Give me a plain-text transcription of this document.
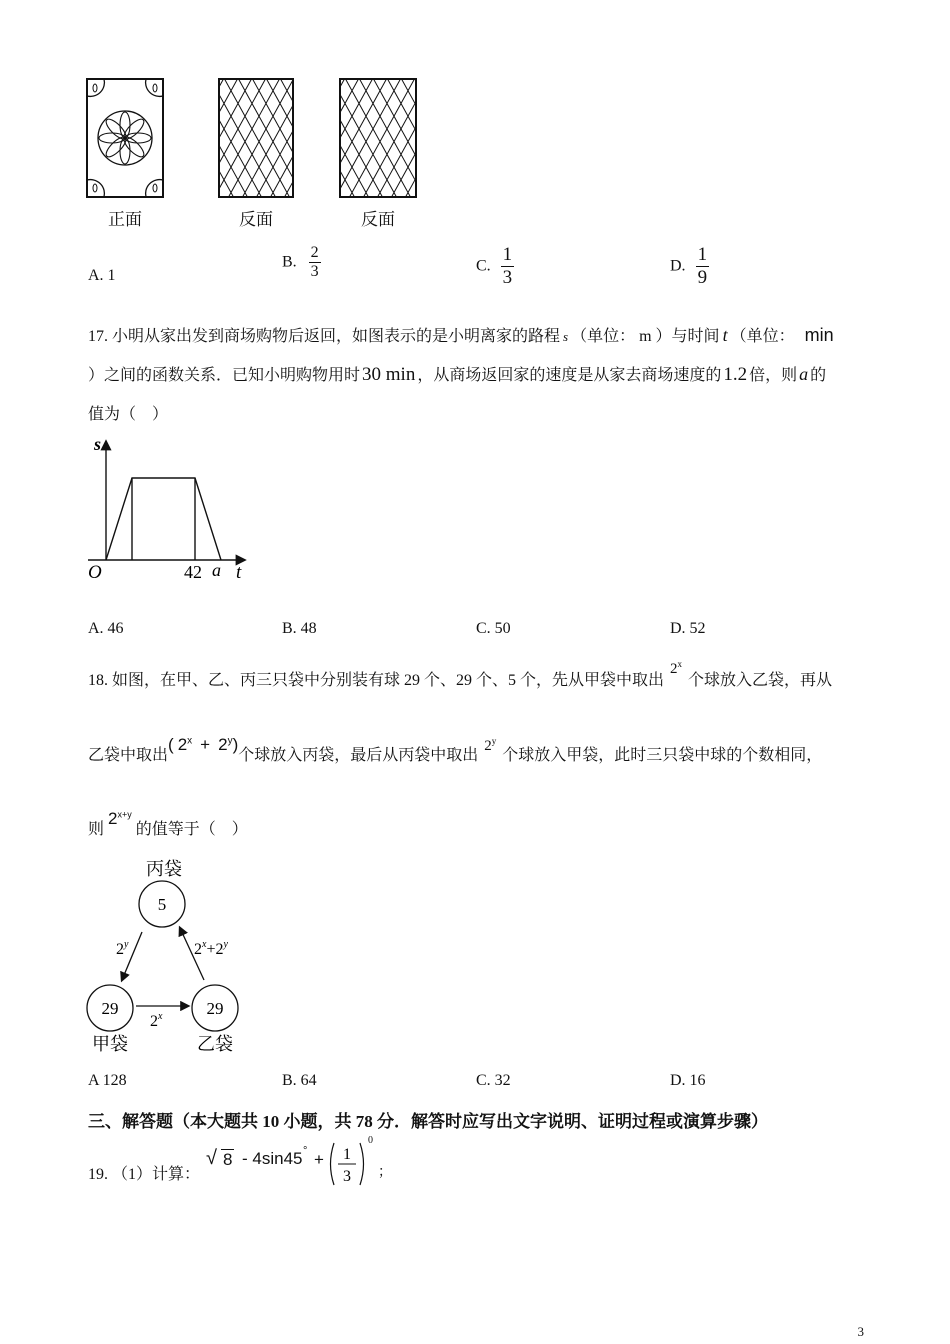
正面	反面	反面
A. 1
B. $\frac{2}{3}$	C. $\frac{1}{3}$	D. $\frac{1}{9}$
17. 小明从家出发到商场购物后返回，如图表示的是小明离家的路程 s （单位： m ）与时间 t （单位： min
）之间的函数关系．已知小明购物用时 30 min ，从商场返回家的速度是从家去商场速度的 1.2 倍，则 a 的
值为（　）
s
O	42 a t
A. 46	B. 48	C. 50	D. 52
18. 如图，在甲、乙、丙三只袋中分别装有球 29 个、29 个、5 个，先从甲袋中取出2$^x$个球放入乙袋，再从
乙袋中取出( $2^x + 2^y$)个球放入丙袋，最后从丙袋中取出2$^y$个球放入甲袋，此时三只袋中球的个数相同，
则$2^{x+y}$的值等于（　）
丙袋
5
29
甲袋
29
乙袋
2$^y$	$2^x+2^y$
2$^x$
A 128	B. 64	C. 32	D. 16
三、解答题（本大题共 10 小题，共 78 分．解答时应写出文字说明、证明过程或演算步骤）
19. （1）计算：
√ 8 - 4sin45 ° + 1
3
0
；
3
